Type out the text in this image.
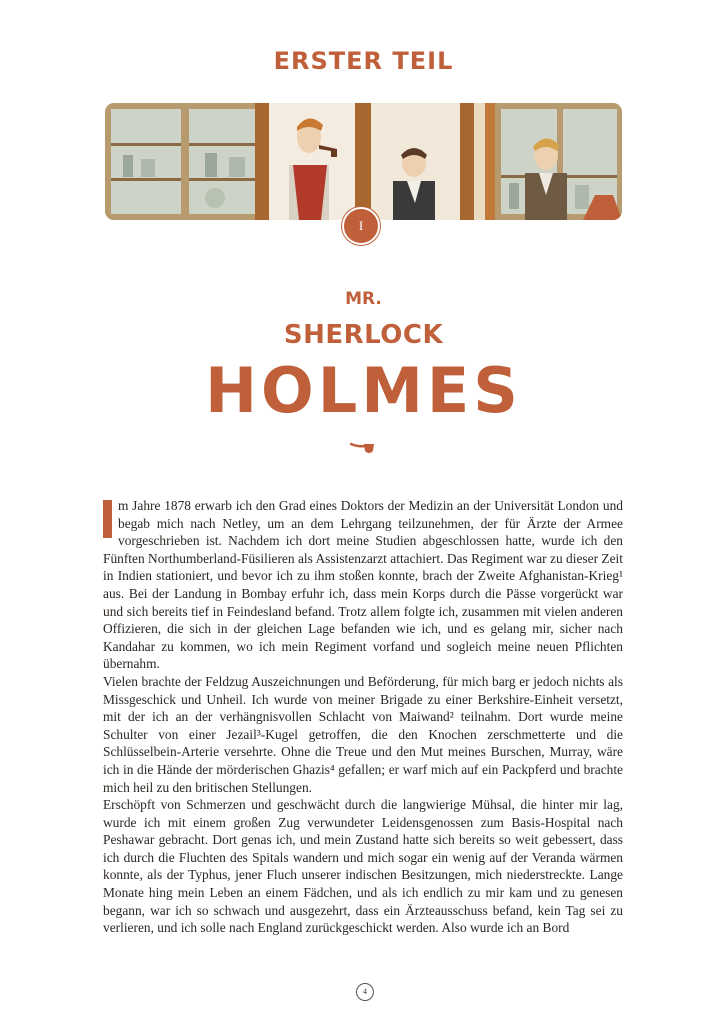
ERSTER TEIL
I
MR.
SHERLOCK
HOLMES

m Jahre 1878 erwarb ich den Grad eines Doktors der Medizin an der Universität London und begab mich nach Netley, um an dem Lehrgang teilzunehmen, der für Ärzte der Armee vorgeschrieben ist. Nachdem ich dort meine Studien abgeschlossen hatte, wurde ich den Fünften Northumberland-Füsilieren als Assistenzarzt attachiert. Das Regiment war zu dieser Zeit in Indien stationiert, und bevor ich zu ihm stoßen konnte, brach der Zweite Afghanistan-Krieg¹ aus. Bei der Landung in Bombay erfuhr ich, dass mein Korps durch die Pässe vorgerückt war und sich bereits tief in Feindesland befand. Trotz allem folgte ich, zusammen mit vielen anderen Offizieren, die sich in der gleichen Lage befanden wie ich, und es gelang mir, sicher nach Kandahar zu kommen, wo ich mein Regiment vorfand und sogleich meine neuen Pflichten übernahm.

Vielen brachte der Feldzug Auszeichnungen und Beförderung, für mich barg er jedoch nichts als Missgeschick und Unheil. Ich wurde von meiner Brigade zu einer Berkshire-Einheit versetzt, mit der ich an der verhängnisvollen Schlacht von Maiwand² teilnahm. Dort wurde meine Schulter von einer Jezail³-Kugel getroffen, die den Knochen zerschmetterte und die Schlüsselbein-Arterie versehrte. Ohne die Treue und den Mut meines Burschen, Murray, wäre ich in die Hände der mörderischen Ghazis⁴ gefallen; er warf mich auf ein Packpferd und brachte mich heil zu den britischen Stellungen.

Erschöpft von Schmerzen und geschwächt durch die langwierige Mühsal, die hinter mir lag, wurde ich mit einem großen Zug verwundeter Leidensgenossen zum Basis-Hospital nach Peshawar gebracht. Dort genas ich, und mein Zustand hatte sich bereits so weit gebessert, dass ich durch die Fluchten des Spitals wandern und mich sogar ein wenig auf der Veranda wärmen konnte, als der Typhus, jener Fluch unserer indischen Besitzungen, mich niederstreckte. Lange Monate hing mein Leben an einem Fädchen, und als ich endlich zu mir kam und zu genesen begann, war ich so schwach und ausgezehrt, dass ein Ärzteausschuss befand, kein Tag sei zu verlieren, und ich solle nach England zurückgeschickt werden. Also wurde ich an Bord

4
